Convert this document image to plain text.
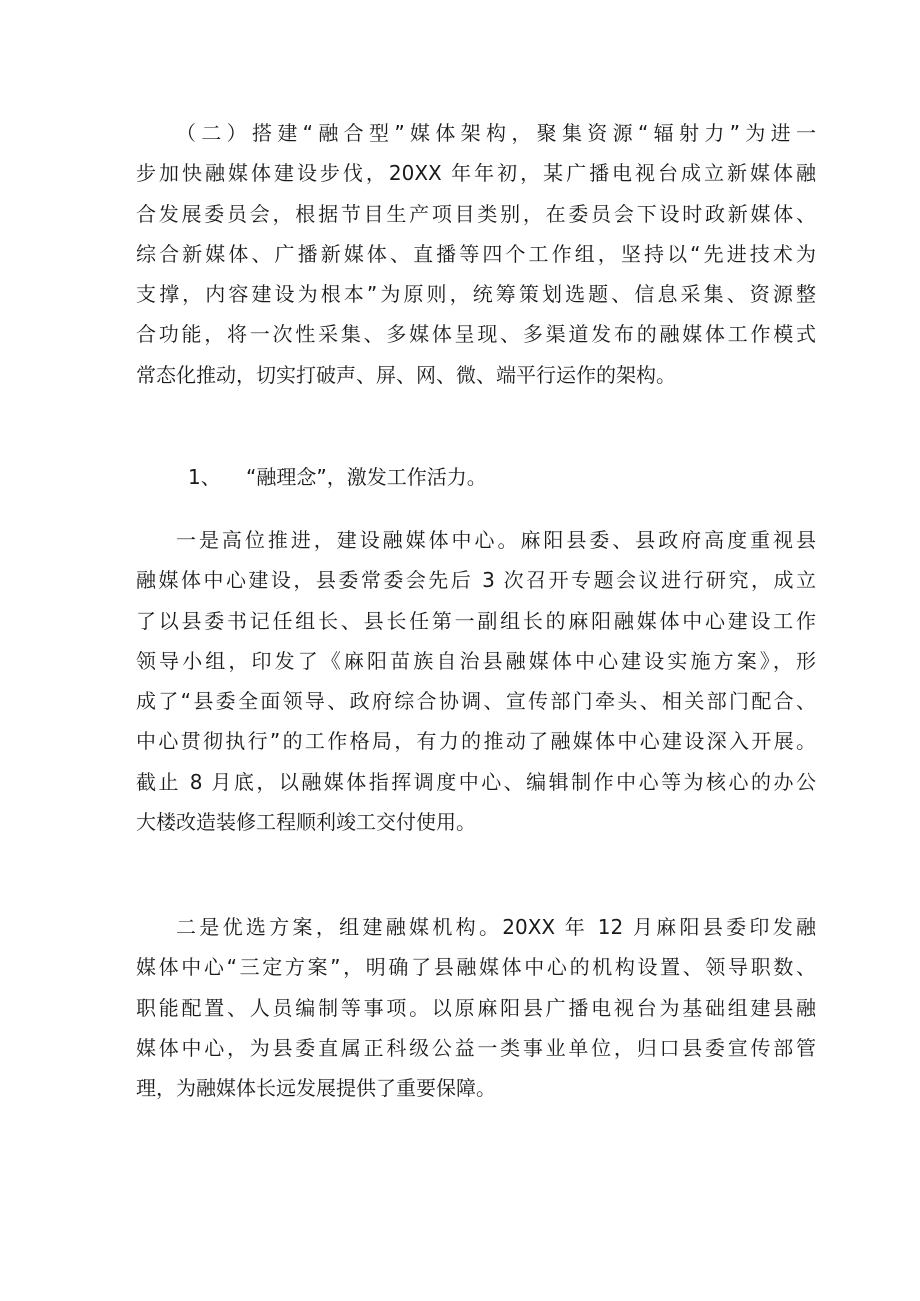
（二）搭建“融合型”媒体架构，聚集资源“辐射力”为进一
步加快融媒体建设步伐，20XX 年年初，某广播电视台成立新媒体融
合发展委员会，根据节目生产项目类别，在委员会下设时政新媒体、
综合新媒体、广播新媒体、直播等四个工作组，坚持以“先进技术为
支撑，内容建设为根本”为原则，统筹策划选题、信息采集、资源整
合功能，将一次性采集、多媒体呈现、多渠道发布的融媒体工作模式
常态化推动，切实打破声、屏、网、微、端平行运作的架构。
1、 “融理念”，激发工作活力。
一是高位推进，建设融媒体中心。麻阳县委、县政府高度重视县
融媒体中心建设，县委常委会先后 3 次召开专题会议进行研究，成立
了以县委书记任组长、县长任第一副组长的麻阳融媒体中心建设工作
领导小组，印发了《麻阳苗族自治县融媒体中心建设实施方案》，形
成了“县委全面领导、政府综合协调、宣传部门牵头、相关部门配合、
中心贯彻执行”的工作格局，有力的推动了融媒体中心建设深入开展。
截止 8 月底，以融媒体指挥调度中心、编辑制作中心等为核心的办公
大楼改造装修工程顺利竣工交付使用。
二是优选方案，组建融媒机构。20XX 年 12 月麻阳县委印发融
媒体中心“三定方案”，明确了县融媒体中心的机构设置、领导职数、
职能配置、人员编制等事项。以原麻阳县广播电视台为基础组建县融
媒体中心，为县委直属正科级公益一类事业单位，归口县委宣传部管
理，为融媒体长远发展提供了重要保障。
